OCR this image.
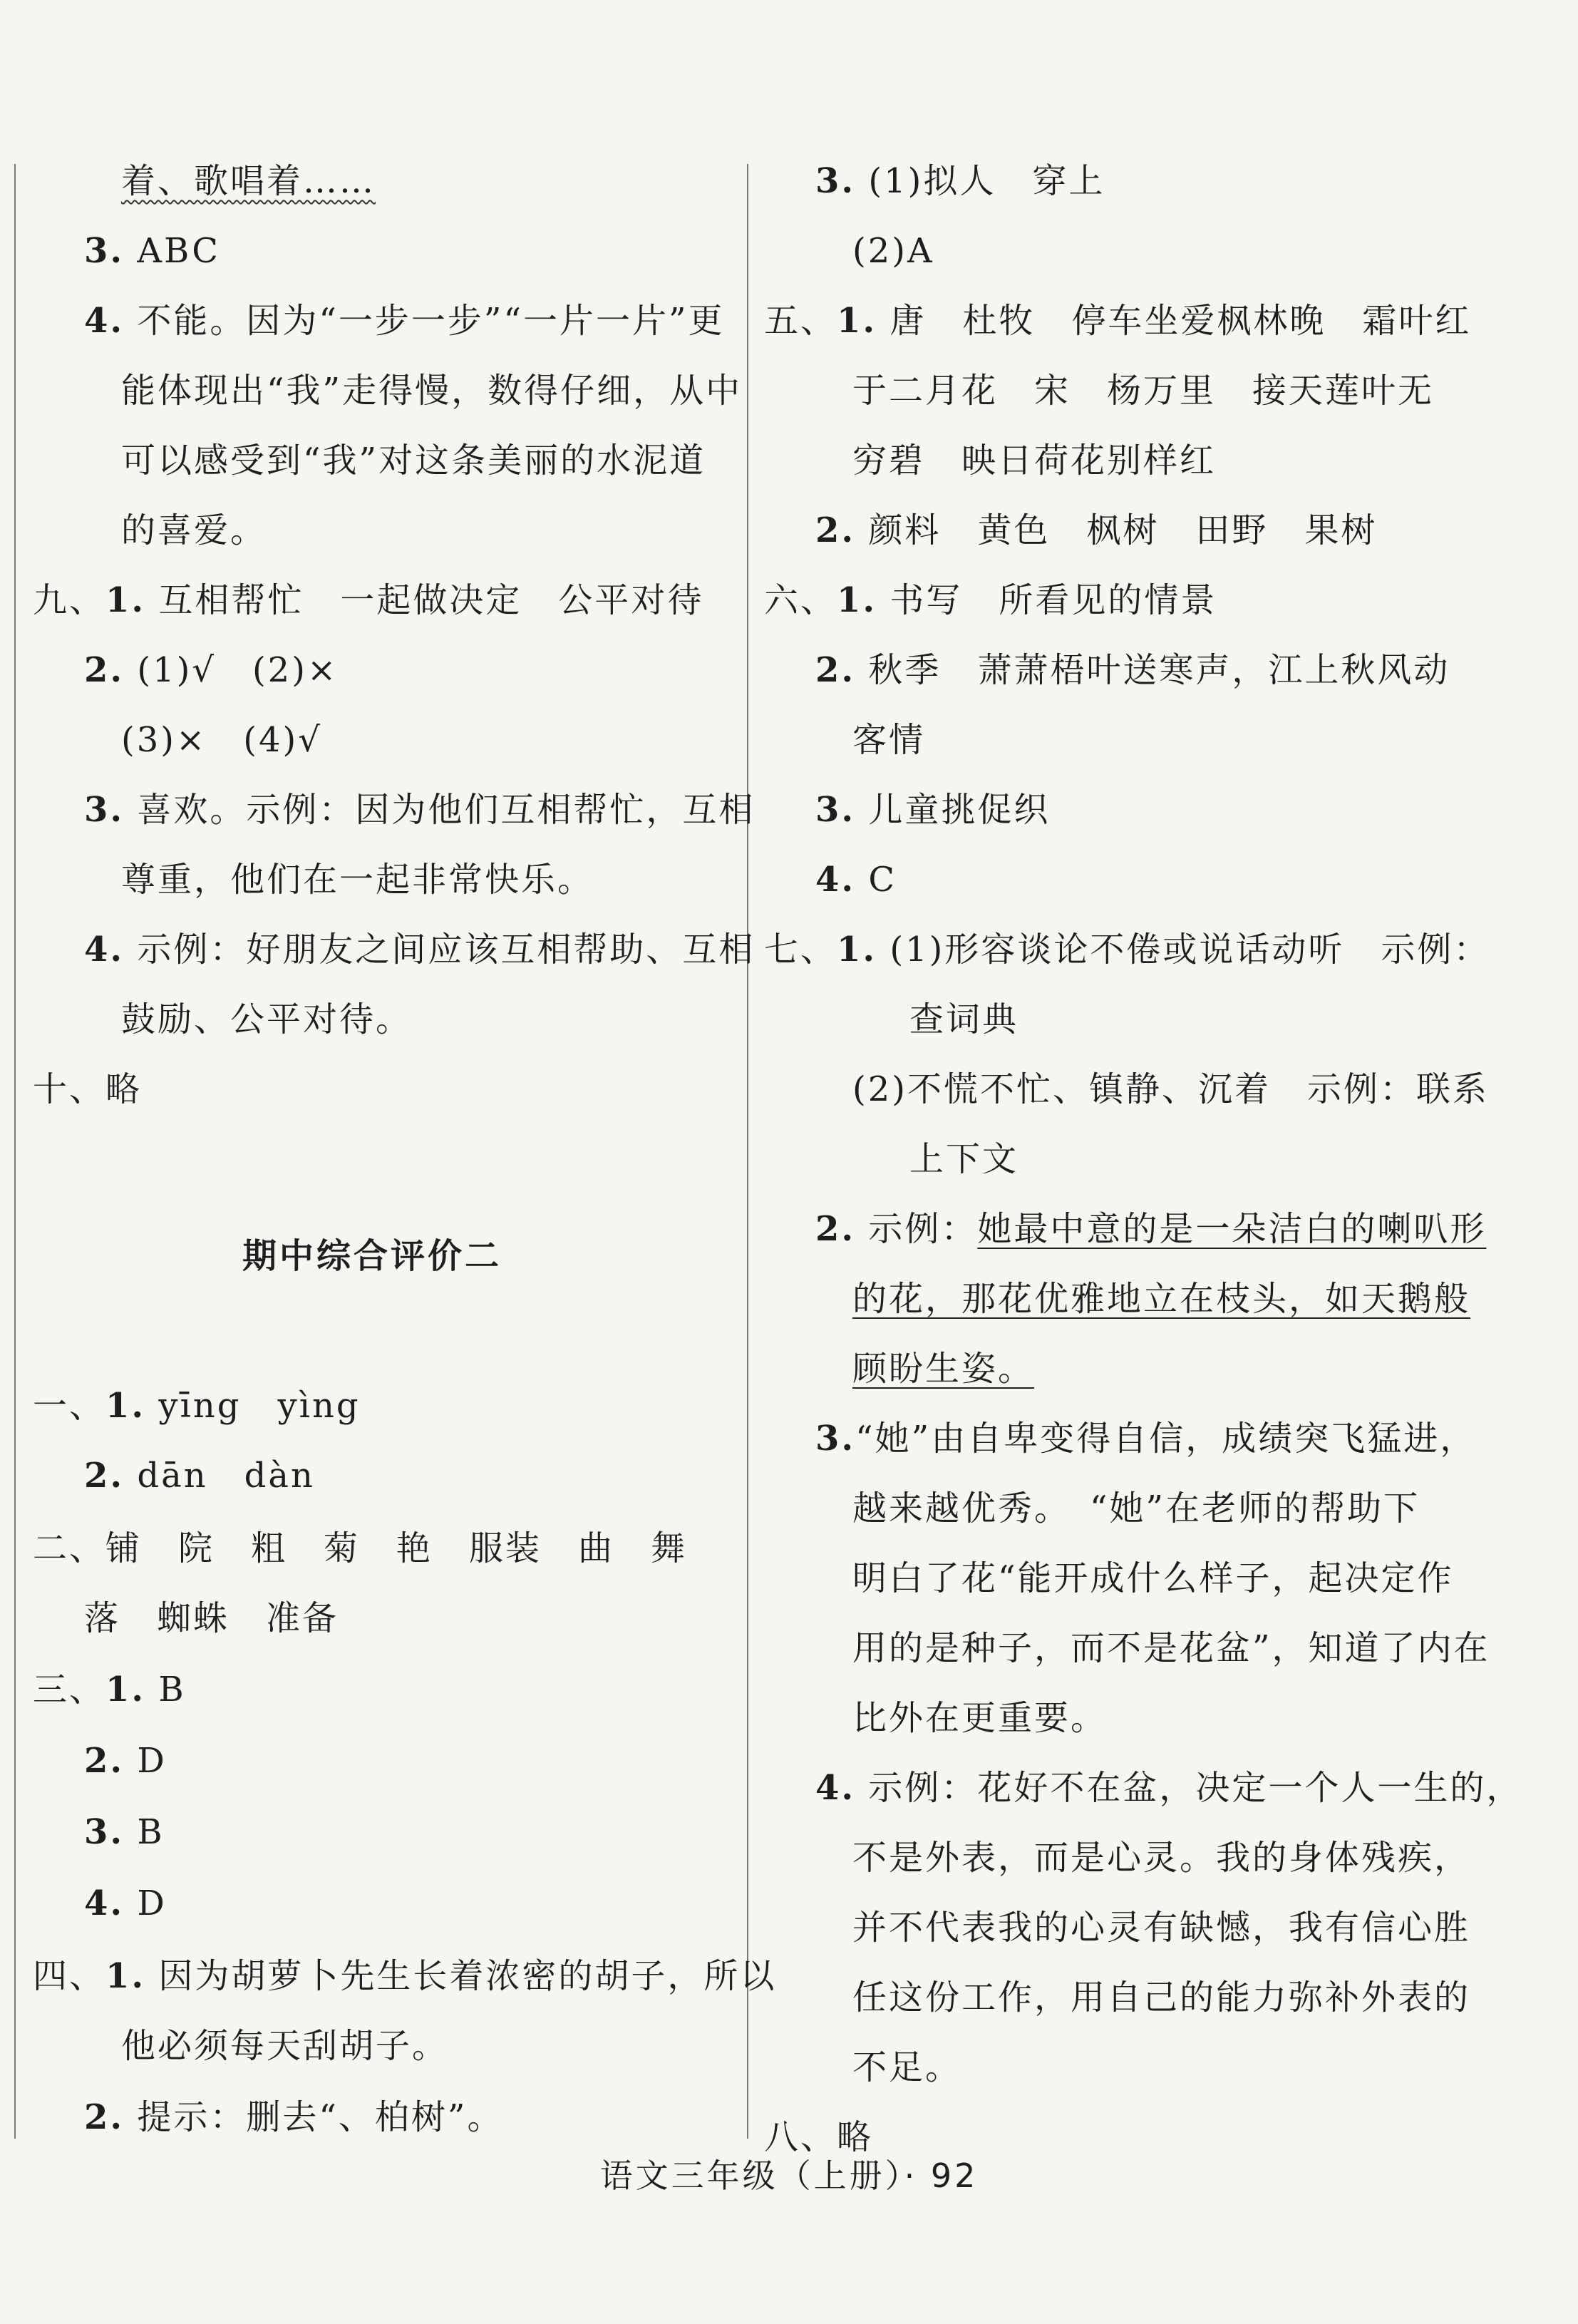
着、歌唱着……
3. ABC
4. 不能。因为“一步一步”“一片一片”更
能体现出“我”走得慢，数得仔细，从中
可以感受到“我”对这条美丽的水泥道
的喜爱。
九、1. 互相帮忙　一起做决定　公平对待
2. (1)√　(2)×
(3)×　(4)√
3. 喜欢。示例：因为他们互相帮忙，互相
尊重，他们在一起非常快乐。
4. 示例：好朋友之间应该互相帮助、互相
鼓励、公平对待。
十、略
期中综合评价二
一、1. yīng　yìng
2. dān　dàn
二、铺　院　粗　菊　艳　服装　曲　舞
落　蜘蛛　准备
三、1. B
2. D
3. B
4. D
四、1. 因为胡萝卜先生长着浓密的胡子，所以
他必须每天刮胡子。
2. 提示：删去“、柏树”。
3. (1)拟人　穿上
(2)A
五、1. 唐　杜牧　停车坐爱枫林晚　霜叶红
于二月花　宋　杨万里　接天莲叶无
穷碧　映日荷花别样红
2. 颜料　黄色　枫树　田野　果树
六、1. 书写　所看见的情景
2. 秋季　萧萧梧叶送寒声，江上秋风动
客情
3. 儿童挑促织
4. C
七、1. (1)形容谈论不倦或说话动听　示例：
查词典
(2)不慌不忙、镇静、沉着　示例：联系
上下文
2. 示例：她最中意的是一朵洁白的喇叭形
的花，那花优雅地立在枝头，如天鹅般
顾盼生姿。
3.“她”由自卑变得自信，成绩突飞猛进，
越来越优秀。　“她”在老师的帮助下
明白了花“能开成什么样子，起决定作
用的是种子，而不是花盆”，知道了内在
比外在更重要。
4. 示例：花好不在盆，决定一个人一生的，
不是外表，而是心灵。我的身体残疾，
并不代表我的心灵有缺憾，我有信心胜
任这份工作，用自己的能力弥补外表的
不足。
八、略
语文三年级（上册）· 92
